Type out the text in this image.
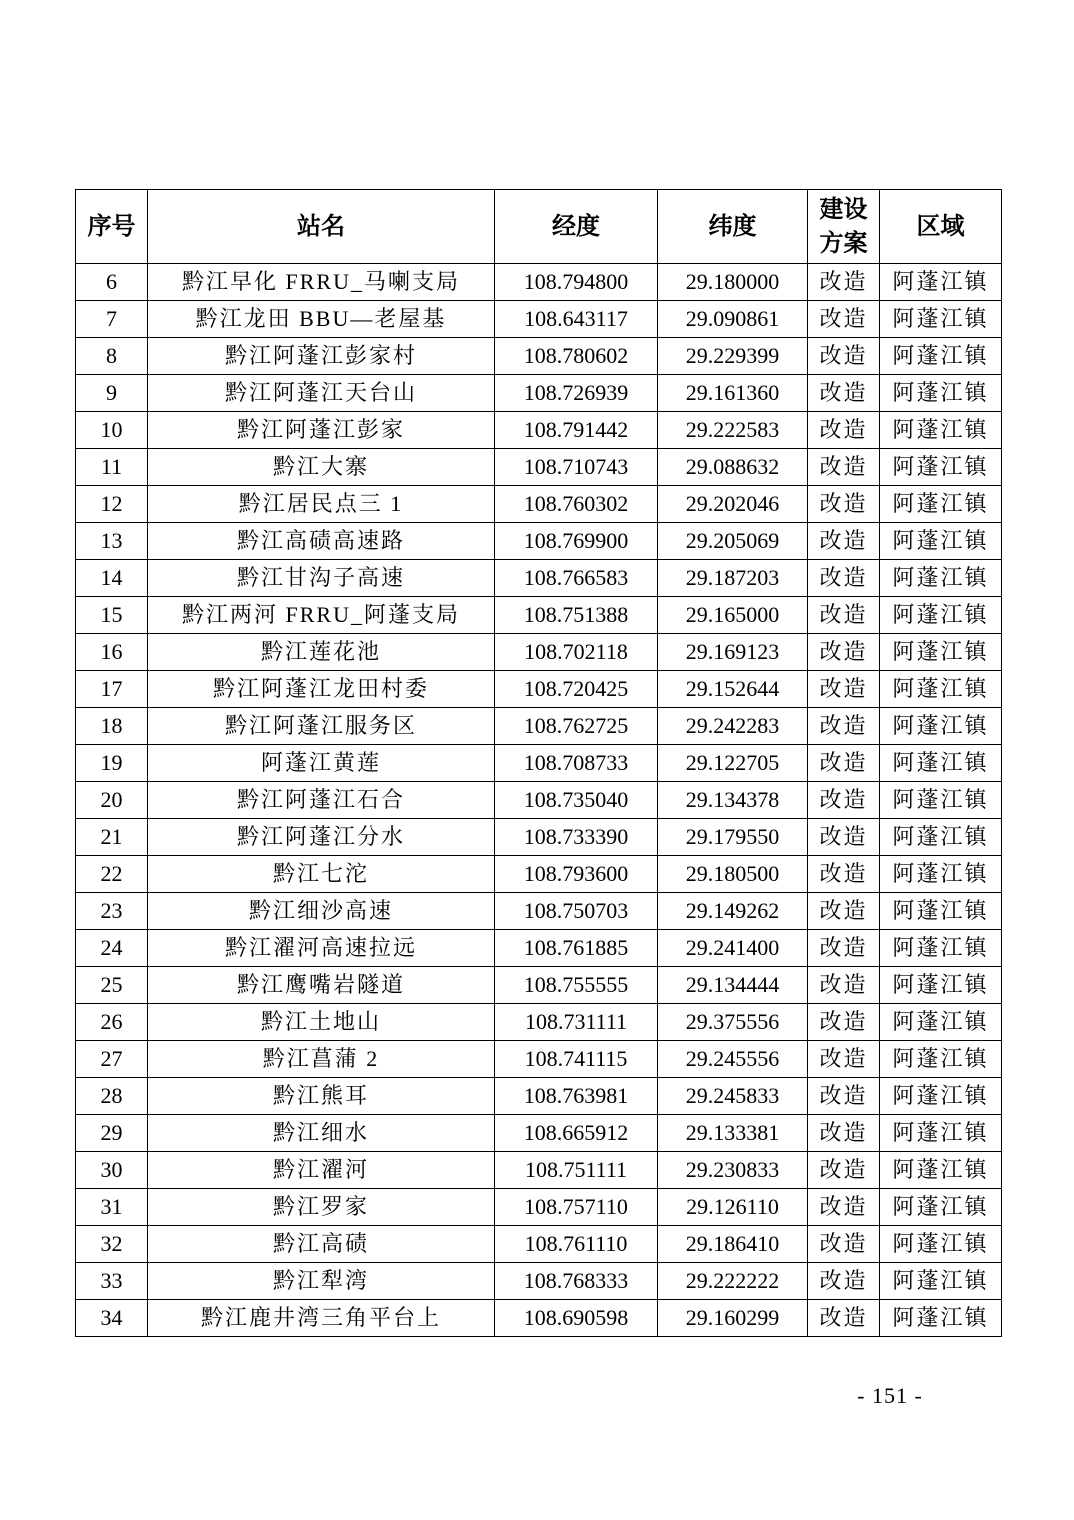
序号	站名	经度	纬度	建设方案	区域
6	黔江早化 FRRU_马喇支局	108.794800	29.180000	改造	阿蓬江镇
7	黔江龙田 BBU—老屋基	108.643117	29.090861	改造	阿蓬江镇
8	黔江阿蓬江彭家村	108.780602	29.229399	改造	阿蓬江镇
9	黔江阿蓬江天台山	108.726939	29.161360	改造	阿蓬江镇
10	黔江阿蓬江彭家	108.791442	29.222583	改造	阿蓬江镇
11	黔江大寨	108.710743	29.088632	改造	阿蓬江镇
12	黔江居民点三 1	108.760302	29.202046	改造	阿蓬江镇
13	黔江高碛高速路	108.769900	29.205069	改造	阿蓬江镇
14	黔江甘沟子高速	108.766583	29.187203	改造	阿蓬江镇
15	黔江两河 FRRU_阿蓬支局	108.751388	29.165000	改造	阿蓬江镇
16	黔江莲花池	108.702118	29.169123	改造	阿蓬江镇
17	黔江阿蓬江龙田村委	108.720425	29.152644	改造	阿蓬江镇
18	黔江阿蓬江服务区	108.762725	29.242283	改造	阿蓬江镇
19	阿蓬江黄莲	108.708733	29.122705	改造	阿蓬江镇
20	黔江阿蓬江石合	108.735040	29.134378	改造	阿蓬江镇
21	黔江阿蓬江分水	108.733390	29.179550	改造	阿蓬江镇
22	黔江七沱	108.793600	29.180500	改造	阿蓬江镇
23	黔江细沙高速	108.750703	29.149262	改造	阿蓬江镇
24	黔江濯河高速拉远	108.761885	29.241400	改造	阿蓬江镇
25	黔江鹰嘴岩隧道	108.755555	29.134444	改造	阿蓬江镇
26	黔江土地山	108.731111	29.375556	改造	阿蓬江镇
27	黔江菖蒲 2	108.741115	29.245556	改造	阿蓬江镇
28	黔江熊耳	108.763981	29.245833	改造	阿蓬江镇
29	黔江细水	108.665912	29.133381	改造	阿蓬江镇
30	黔江濯河	108.751111	29.230833	改造	阿蓬江镇
31	黔江罗家	108.757110	29.126110	改造	阿蓬江镇
32	黔江高碛	108.761110	29.186410	改造	阿蓬江镇
33	黔江犁湾	108.768333	29.222222	改造	阿蓬江镇
34	黔江鹿井湾三角平台上	108.690598	29.160299	改造	阿蓬江镇
- 151 -
